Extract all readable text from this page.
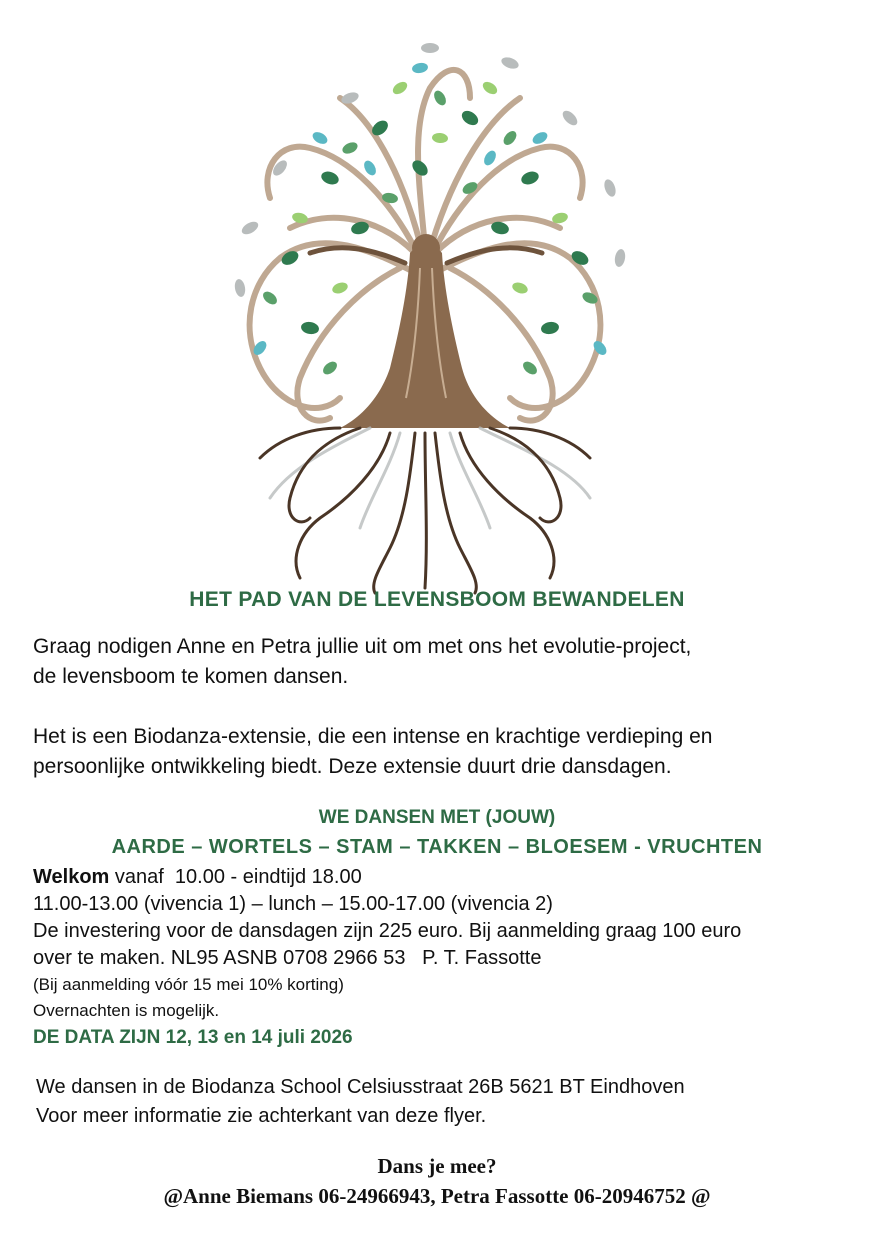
HET PAD VAN DE LEVENSBOOM BEWANDELEN
Graag nodigen Anne en Petra jullie uit om met ons het evolutie-project,
de levensboom te komen dansen.
Het is een Biodanza-extensie, die een intense en krachtige verdieping en
persoonlijke ontwikkeling biedt. Deze extensie duurt drie dansdagen.
WE DANSEN MET (JOUW)
AARDE – WORTELS – STAM – TAKKEN – BLOESEM - VRUCHTEN
Welkom vanaf  10.00 - eindtijd 18.00
11.00-13.00 (vivencia 1) – lunch – 15.00-17.00 (vivencia 2)
De investering voor de dansdagen zijn 225 euro. Bij aanmelding graag 100 euro
over te maken. NL95 ASNB 0708 2966 53   P. T. Fassotte
(Bij aanmelding vóór 15 mei 10% korting)
Overnachten is mogelijk.
DE DATA ZIJN 12, 13 en 14 juli 2026
We dansen in de Biodanza School Celsiusstraat 26B 5621 BT Eindhoven
Voor meer informatie zie achterkant van deze flyer.
Dans je mee?
@Anne Biemans 06-24966943, Petra Fassotte 06-20946752 @
